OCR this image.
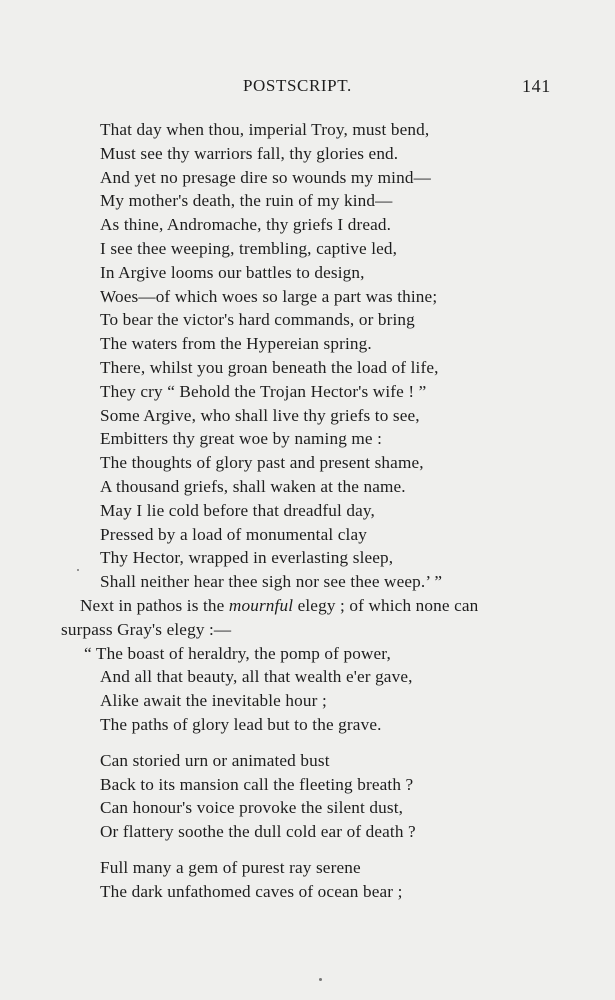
POSTSCRIPT.	141
That day when thou, imperial Troy, must bend,
Must see thy warriors fall, thy glories end.
And yet no presage dire so wounds my mind—
My mother's death, the ruin of my kind—
As thine, Andromache, thy griefs I dread.
I see thee weeping, trembling, captive led,
In Argive looms our battles to design,
Woes—of which woes so large a part was thine;
To bear the victor's hard commands, or bring
The waters from the Hypereian spring.
There, whilst you groan beneath the load of life,
They cry “ Behold the Trojan Hector's wife ! ”
Some Argive, who shall live thy griefs to see,
Embitters thy great woe by naming me :
The thoughts of glory past and present shame,
A thousand griefs, shall waken at the name.
May I lie cold before that dreadful day,
Pressed by a load of monumental clay
Thy Hector, wrapped in everlasting sleep,
Shall neither hear thee sigh nor see thee weep.’ ”
Next in pathos is the mournful elegy ; of which none can
surpass Gray's elegy :—
“ The boast of heraldry, the pomp of power,
And all that beauty, all that wealth e'er gave,
Alike await the inevitable hour ;
The paths of glory lead but to the grave.
Can storied urn or animated bust
Back to its mansion call the fleeting breath ?
Can honour's voice provoke the silent dust,
Or flattery soothe the dull cold ear of death ?
Full many a gem of purest ray serene
The dark unfathomed caves of ocean bear ;
